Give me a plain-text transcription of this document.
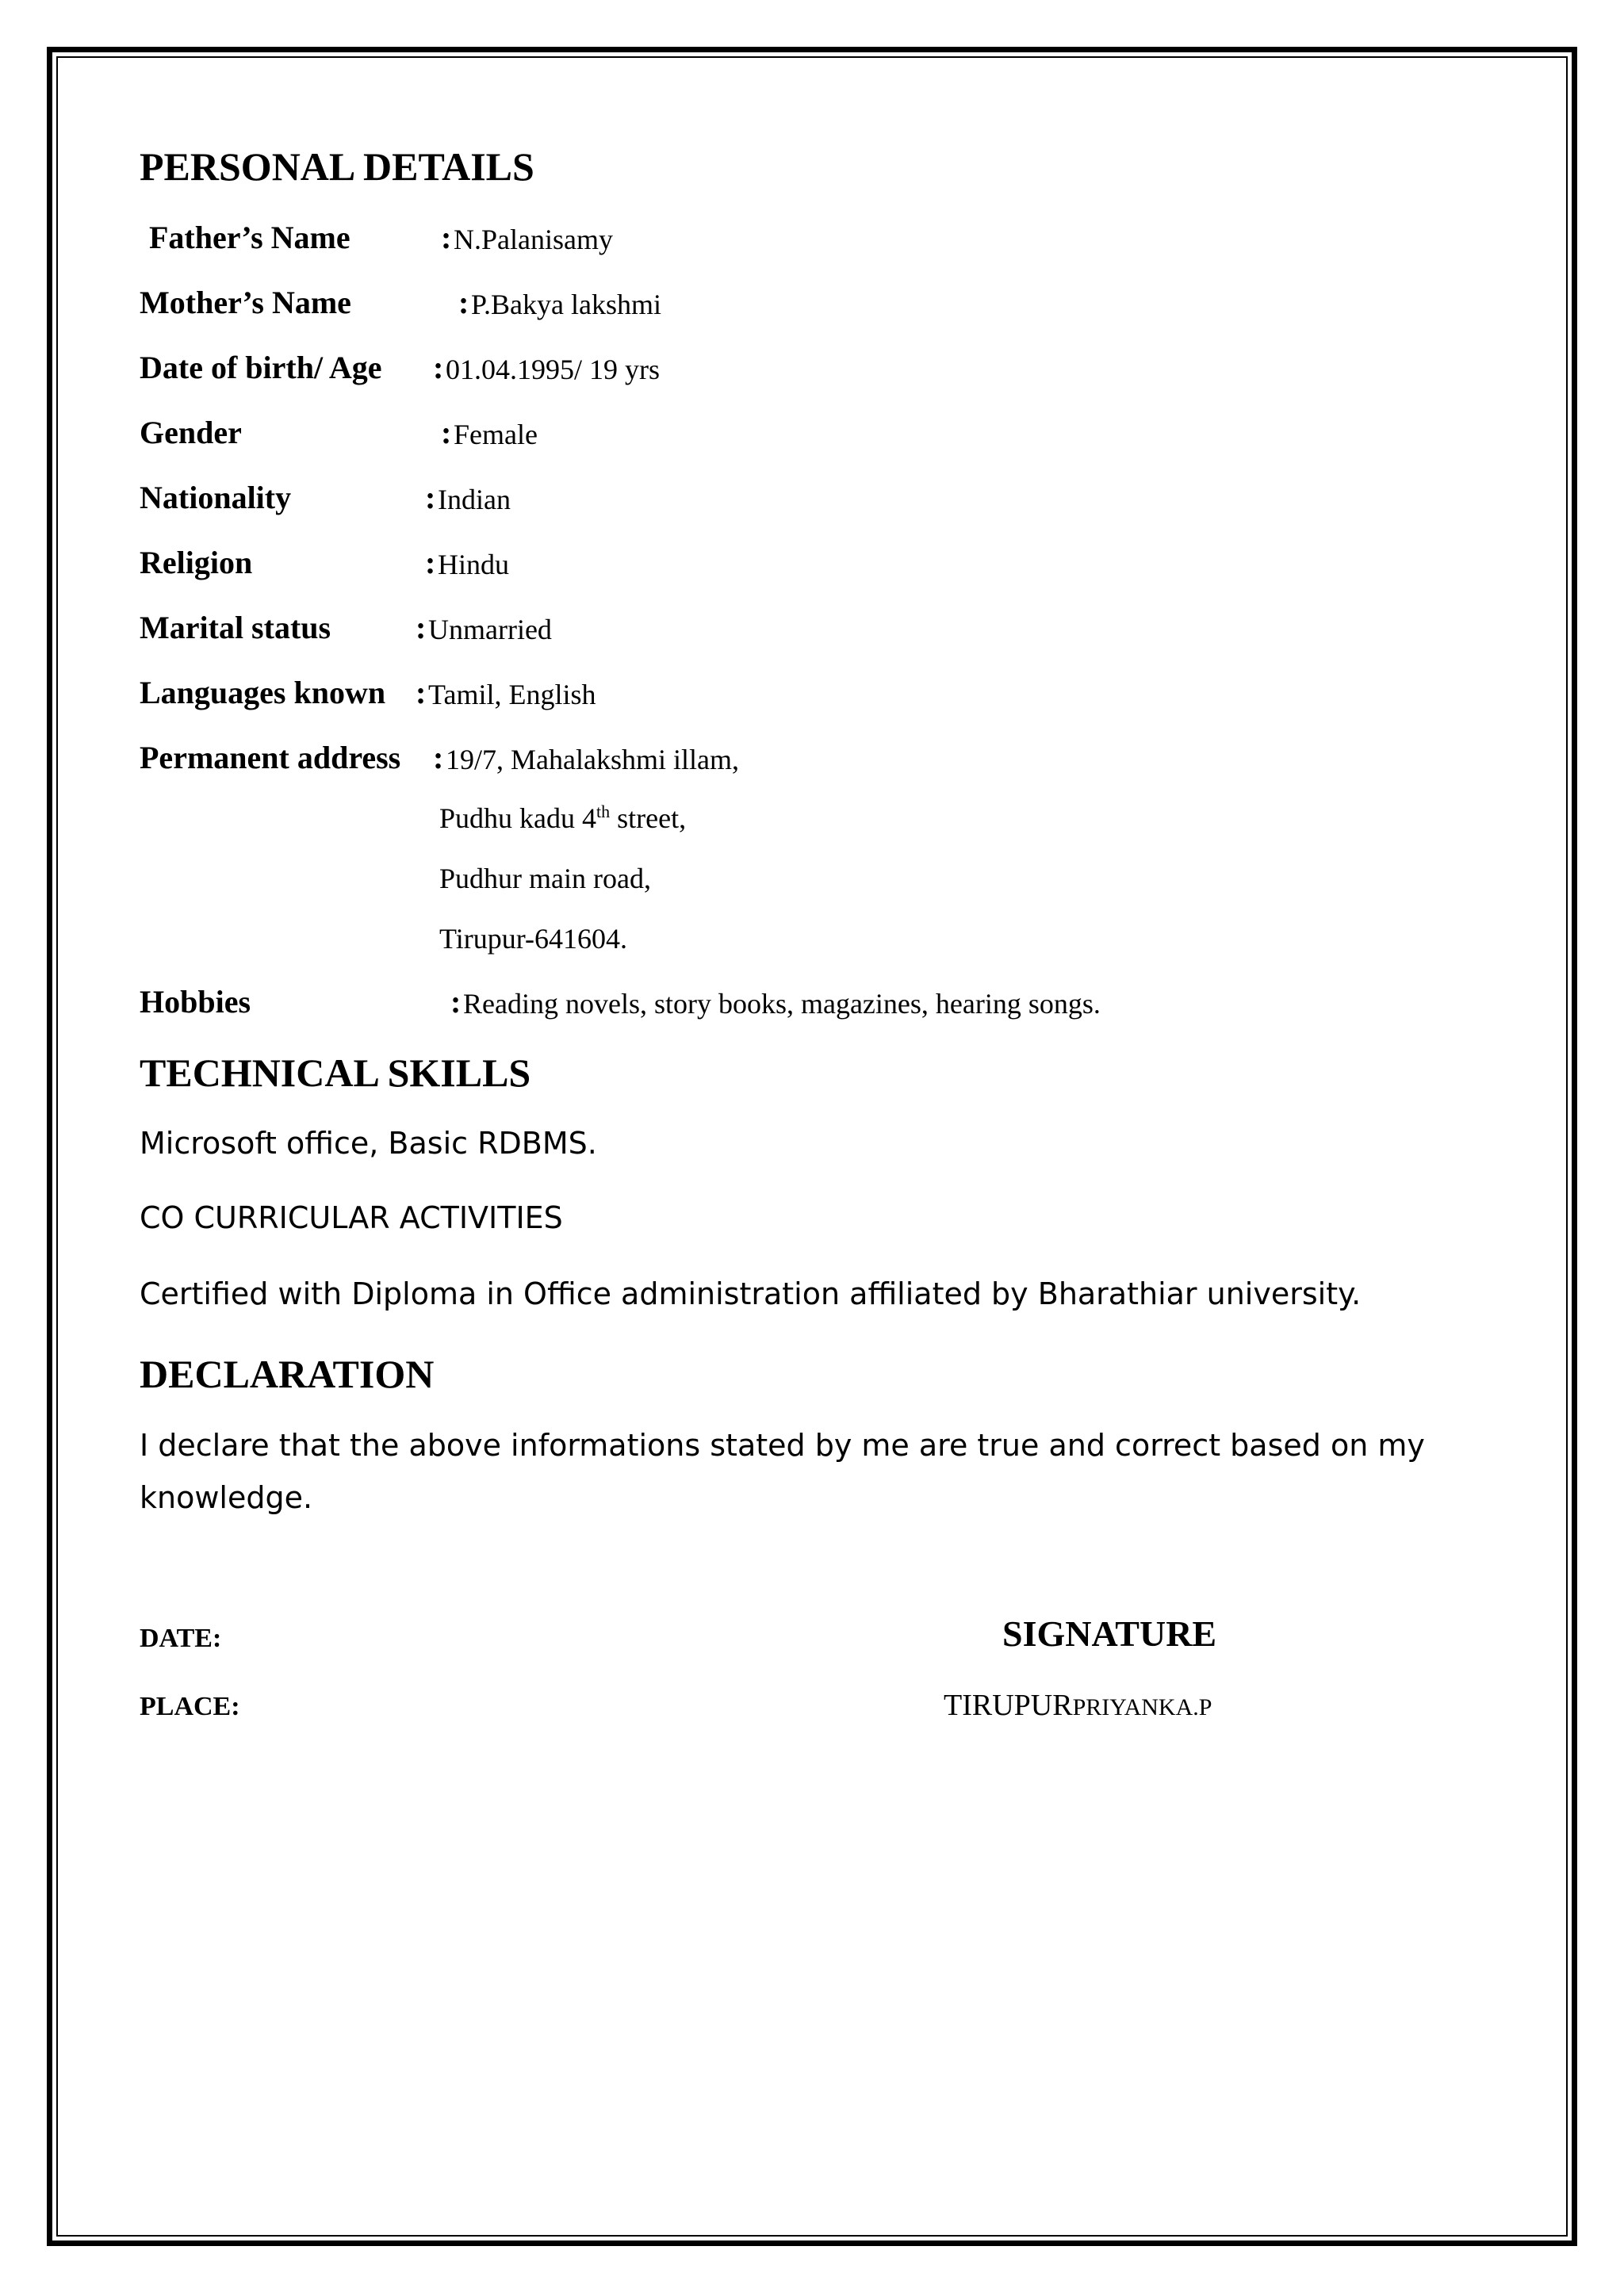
PERSONAL DETAILS
Father’s Name	: N.Palanisamy
Mother’s Name	: P.Bakya lakshmi
Date of birth/ Age : 01.04.1995/ 19 yrs
Gender	: Female
Nationality	: Indian
Religion	: Hindu
Marital status	: Unmarried
Languages known : Tamil, English
Permanent address : 19/7, Mahalakshmi illam,
Pudhu kadu 4th street,
Pudhur main road,
Tirupur-641604.
Hobbies	: Reading novels, story books, magazines, hearing songs.
TECHNICAL SKILLS
Microsoft office, Basic RDBMS.
CO CURRICULAR ACTIVITIES
Certified with Diploma in Office administration affiliated by Bharathiar university.
DECLARATION
I declare that the above informations stated by me are true and correct based on my knowledge.
DATE:
PLACE:
SIGNATURE
TIRUPURPRIYANKA.P
